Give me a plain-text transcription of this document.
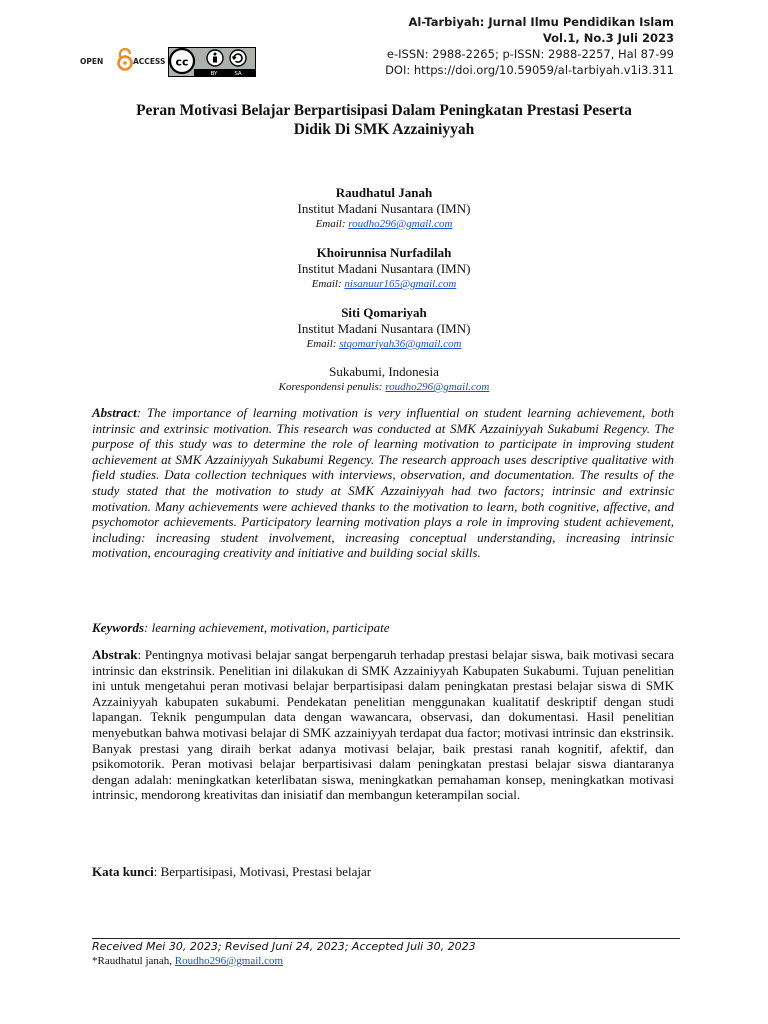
Al-Tarbiyah: Jurnal Ilmu Pendidikan Islam
Vol.1, No.3 Juli 2023
e-ISSN: 2988-2265; p-ISSN: 2988-2257, Hal 87-99
DOI: https://doi.org/10.59059/al-tarbiyah.v1i3.311
OPEN	ACCESS cc
BY	SA
Peran Motivasi Belajar Berpartisipasi Dalam Peningkatan Prestasi Peserta
Didik Di SMK Azzainiyyah
Raudhatul Janah
Institut Madani Nusantara (IMN)
Email: roudho296@gmail.com
Khoirunnisa Nurfadilah
Institut Madani Nusantara (IMN)
Email: nisanuur165@gmail.com
Siti Qomariyah
Institut Madani Nusantara (IMN)
Email: stqomariyah36@gmail.com
Sukabumi, Indonesia
Korespondensi penulis: roudho296@gmail.com
Abstract: The importance of learning motivation is very influential on student learning achievement, both intrinsic and extrinsic motivation. This research was conducted at SMK Azzainiyyah Sukabumi Regency. The purpose of this study was to determine the role of learning motivation to participate in improving student achievement at SMK Azzainiyyah Sukabumi Regency. The research approach uses descriptive qualitative with field studies. Data collection techniques with interviews, observation, and documentation. The results of the study stated that the motivation to study at SMK Azzainiyyah had two factors; intrinsic and extrinsic motivation. Many achievements were achieved thanks to the motivation to learn, both cognitive, affective, and psychomotor achievements. Participatory learning motivation plays a role in improving student achievement, including: increasing student involvement, increasing conceptual understanding, increasing intrinsic motivation, encouraging creativity and initiative and building social skills.
Keywords: learning achievement, motivation, participate
Abstrak: Pentingnya motivasi belajar sangat berpengaruh terhadap prestasi belajar siswa, baik motivasi secara intrinsic dan ekstrinsik. Penelitian ini dilakukan di SMK Azzainiyyah Kabupaten Sukabumi. Tujuan penelitian ini untuk mengetahui peran motivasi belajar berpartisipasi dalam peningkatan prestasi belajar siswa di SMK Azzainiyyah kabupaten sukabumi. Pendekatan penelitian menggunakan kualitatif deskriptif dengan studi lapangan. Teknik pengumpulan data dengan wawancara, observasi, dan dokumentasi. Hasil penelitian menyebutkan bahwa motivasi belajar di SMK azzainiyyah terdapat dua factor; motivasi intrinsic dan ekstrinsik. Banyak prestasi yang diraih berkat adanya motivasi belajar, baik prestasi ranah kognitif, afektif, dan psikomotorik. Peran motivasi belajar berpartisivasi dalam peningkatan prestasi belajar siswa diantaranya dengan adalah: meningkatkan keterlibatan siswa, meningkatkan pemahaman konsep, meningkatkan motivasi intrinsic, mendorong kreativitas dan inisiatif dan membangun keterampilan social.
Kata kunci: Berpartisipasi, Motivasi, Prestasi belajar
Received Mei 30, 2023; Revised Juni 24, 2023; Accepted Juli 30, 2023
*Raudhatul janah, Roudho296@gmail.com
